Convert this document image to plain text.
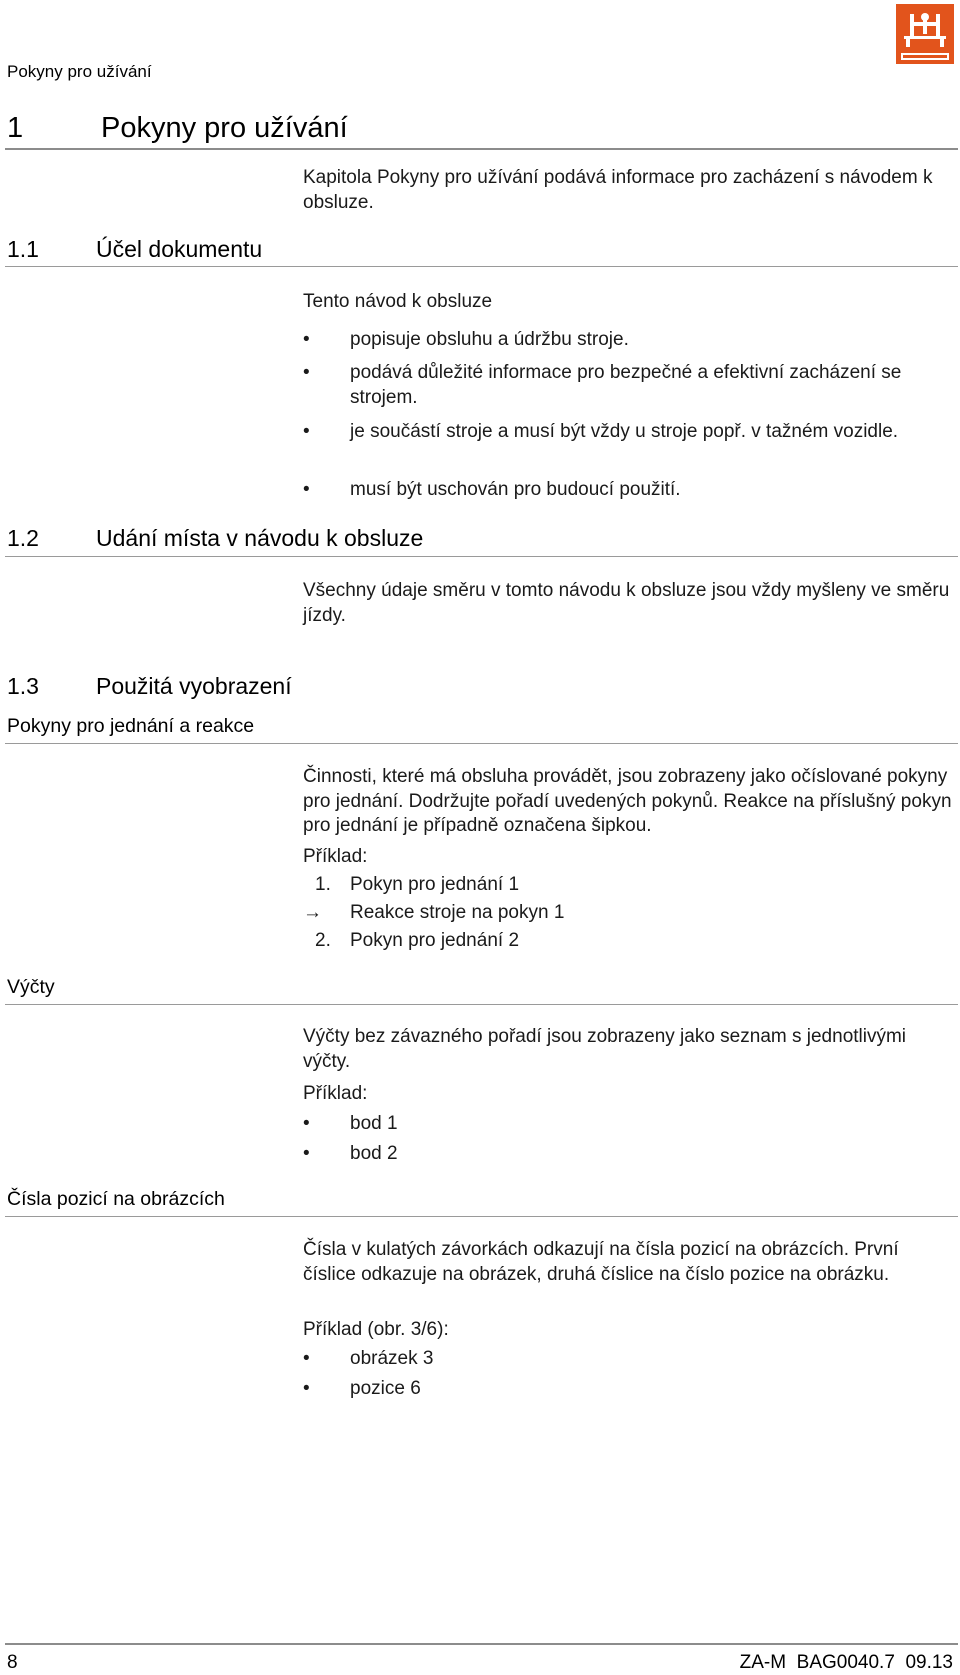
Pokyny pro užívání
1	Pokyny pro užívání
Kapitola Pokyny pro užívání podává informace pro zacházení s návodem k obsluze.
1.1 Účel dokumentu
Tento návod k obsluze
•	popisuje obsluhu a údržbu stroje.
•	podává důležité informace pro bezpečné a efektivní zacházení se strojem.
•	je součástí stroje a musí být vždy u stroje popř. v tažném vozidle.
•	musí být uschován pro budoucí použití.
1.2 Udání místa v návodu k obsluze
Všechny údaje směru v tomto návodu k obsluze jsou vždy myšleny ve směru jízdy.
1.3 Použitá vyobrazení
Pokyny pro jednání a reakce
Činnosti, které má obsluha provádět, jsou zobrazeny jako očíslované pokyny pro jednání. Dodržujte pořadí uvedených pokynů. Reakce na příslušný pokyn pro jednání je případně označena šipkou.
Příklad:
1.	Pokyn pro jednání 1
→	Reakce stroje na pokyn 1
2.	Pokyn pro jednání 2
Výčty
Výčty bez závazného pořadí jsou zobrazeny jako seznam s jednotlivými výčty.
Příklad:
•	bod 1
•	bod 2
Čísla pozicí na obrázcích
Čísla v kulatých závorkách odkazují na čísla pozicí na obrázcích. První číslice odkazuje na obrázek, druhá číslice na číslo pozice na obrázku.
Příklad (obr. 3/6):
•	obrázek 3
•	pozice 6
8	ZA-M  BAG0040.7  09.13
